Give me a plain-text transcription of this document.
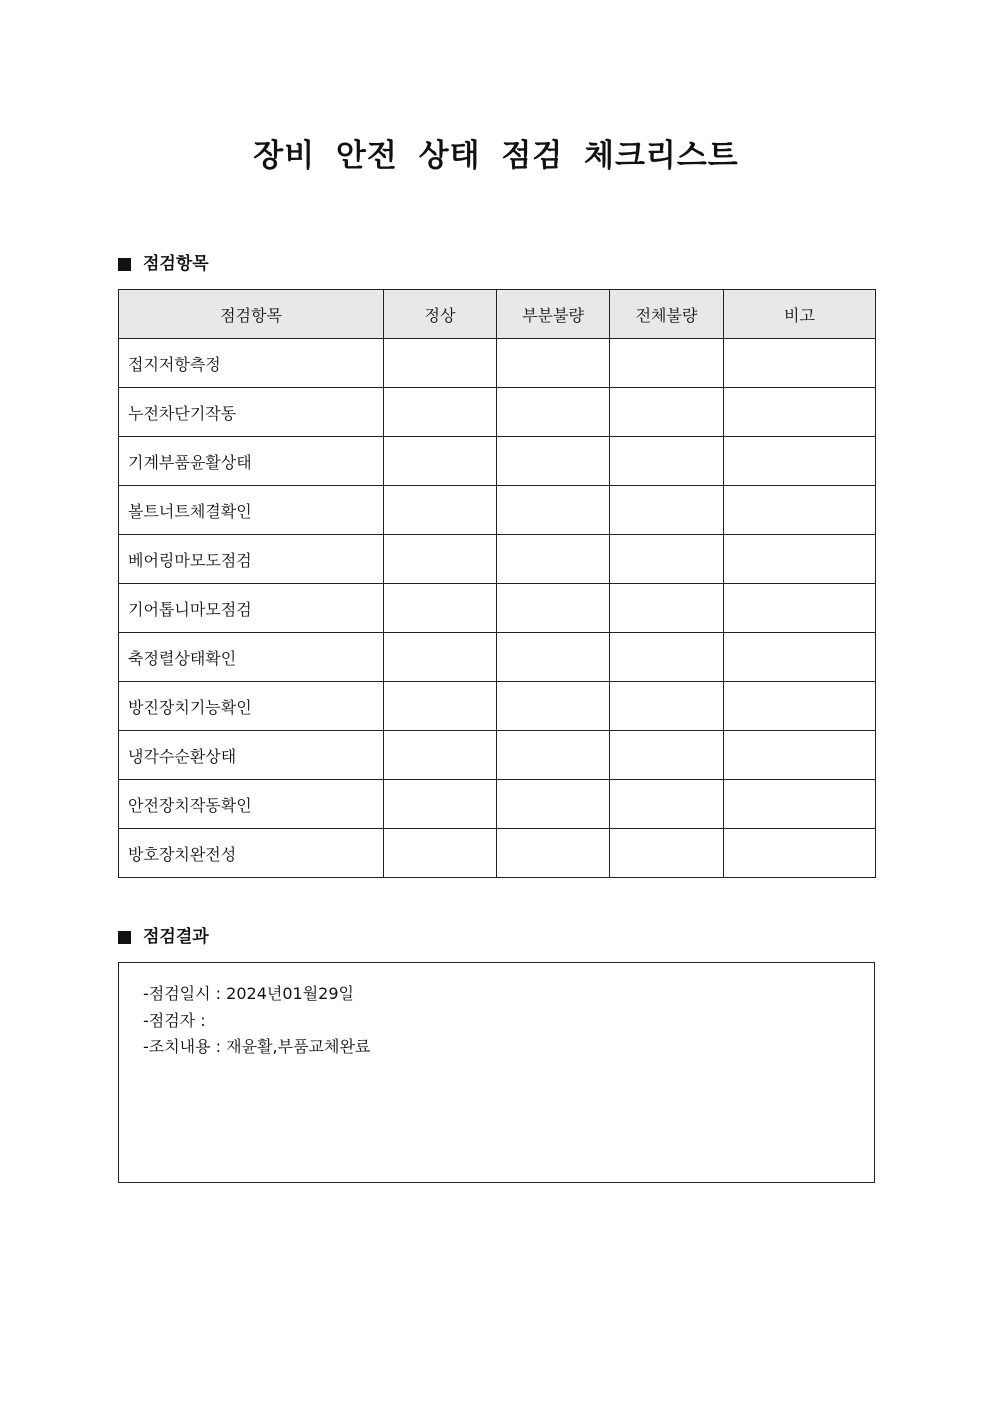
장비 안전 상태 점검 체크리스트
점검항목
점검항목	정상	부분불량	전체불량	비고
접지저항측정				
누전차단기작동				
기계부품윤활상태				
볼트너트체결확인				
베어링마모도점검				
기어톱니마모점검				
축정렬상태확인				
방진장치기능확인				
냉각수순환상태				
안전장치작동확인				
방호장치완전성				
점검결과
-점검일시 : 2024년01월29일
-점검자 :
-조치내용 : 재윤활,부품교체완료
